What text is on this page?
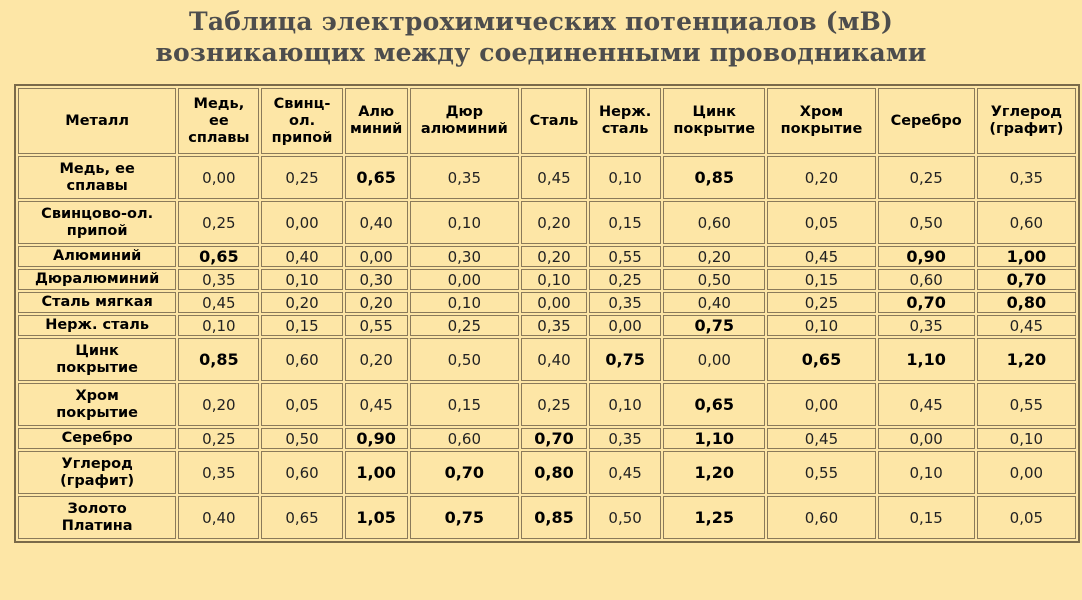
Таблица электрохимических потенциалов (мВ)
возникающих между соединенными проводниками
Металл	Медь,
ее
сплавы	Свинц-
ол.
припой	Алю
миний	Дюр
алюминий	Сталь	Нерж.
сталь	Цинк
покрытие	Хром
покрытие	Серебро	Углерод
(графит)
Медь, ее
сплавы	0,00	0,25	0,65	0,35	0,45	0,10	0,85	0,20	0,25	0,35
Свинцово-ол.
припой	0,25	0,00	0,40	0,10	0,20	0,15	0,60	0,05	0,50	0,60
Алюминий	0,65	0,40	0,00	0,30	0,20	0,55	0,20	0,45	0,90	1,00
Дюралюминий	0,35	0,10	0,30	0,00	0,10	0,25	0,50	0,15	0,60	0,70
Сталь мягкая	0,45	0,20	0,20	0,10	0,00	0,35	0,40	0,25	0,70	0,80
Нерж. сталь	0,10	0,15	0,55	0,25	0,35	0,00	0,75	0,10	0,35	0,45
Цинк
покрытие	0,85	0,60	0,20	0,50	0,40	0,75	0,00	0,65	1,10	1,20
Хром
покрытие	0,20	0,05	0,45	0,15	0,25	0,10	0,65	0,00	0,45	0,55
Серебро	0,25	0,50	0,90	0,60	0,70	0,35	1,10	0,45	0,00	0,10
Углерод
(графит)	0,35	0,60	1,00	0,70	0,80	0,45	1,20	0,55	0,10	0,00
Золото
Платина	0,40	0,65	1,05	0,75	0,85	0,50	1,25	0,60	0,15	0,05
